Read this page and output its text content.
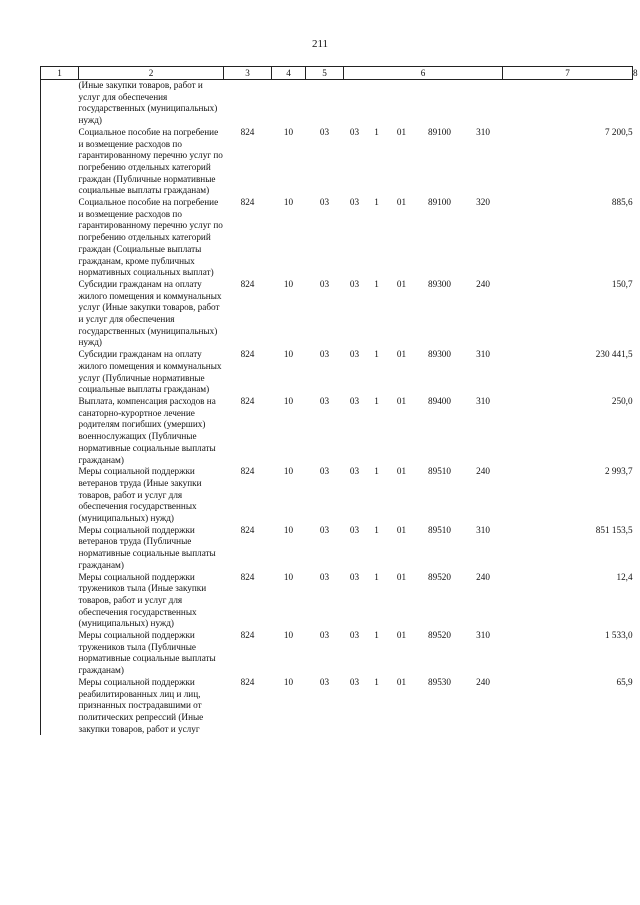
211
1	2	3	4	5	6					7	8
	(Иные закупки товаров, работ и услуг для обеспечения государственных (муниципальных) нужд)										
	Социальное пособие на погребение и возмещение расходов по гарантированному перечню услуг по погребению отдельных категорий граждан (Публичные нормативные социальные выплаты гражданам)	824	10	03	03	1	01	89100	310	7 200,5	
	Социальное пособие на погребение и возмещение расходов по гарантированному перечню услуг по погребению отдельных категорий граждан (Социальные выплаты гражданам, кроме публичных нормативных социальных выплат)	824	10	03	03	1	01	89100	320	885,6	
	Субсидии гражданам на оплату жилого помещения и коммунальных услуг (Иные закупки товаров, работ и услуг для обеспечения государственных (муниципальных) нужд)	824	10	03	03	1	01	89300	240	150,7	
	Субсидии гражданам на оплату жилого помещения и коммунальных услуг (Публичные нормативные социальные выплаты гражданам)	824	10	03	03	1	01	89300	310	230 441,5	
	Выплата, компенсация расходов на санаторно-курортное лечение родителям погибших (умерших) военнослужащих (Публичные нормативные социальные выплаты гражданам)	824	10	03	03	1	01	89400	310	250,0	
	Меры социальной поддержки ветеранов труда (Иные закупки товаров, работ и услуг для обеспечения государственных (муниципальных) нужд)	824	10	03	03	1	01	89510	240	2 993,7	
	Меры социальной поддержки ветеранов труда (Публичные нормативные социальные выплаты гражданам)	824	10	03	03	1	01	89510	310	851 153,5	
	Меры социальной поддержки тружеников тыла (Иные закупки товаров, работ и услуг для обеспечения государственных (муниципальных) нужд)	824	10	03	03	1	01	89520	240	12,4	
	Меры социальной поддержки тружеников тыла (Публичные нормативные социальные выплаты гражданам)	824	10	03	03	1	01	89520	310	1 533,0	
	Меры социальной поддержки реабилитированных лиц и лиц, признанных пострадавшими от политических репрессий (Иные закупки товаров, работ и услуг	824	10	03	03	1	01	89530	240	65,9	
